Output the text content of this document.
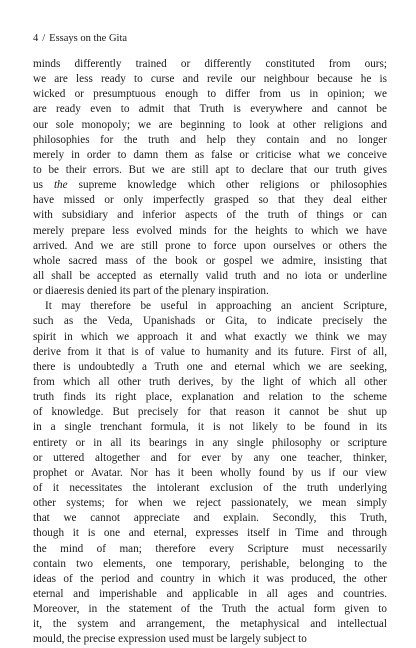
4 / Essays on the Gita
minds differently trained or differently constituted from ours;
we are less ready to curse and revile our neighbour because he is
wicked or presumptuous enough to differ from us in opinion; we
are ready even to admit that Truth is everywhere and cannot be
our sole monopoly; we are beginning to look at other religions and
philosophies for the truth and help they contain and no longer
merely in order to damn them as false or criticise what we conceive
to be their errors. But we are still apt to declare that our truth gives
us the supreme knowledge which other religions or philosophies
have missed or only imperfectly grasped so that they deal either
with subsidiary and inferior aspects of the truth of things or can
merely prepare less evolved minds for the heights to which we have
arrived. And we are still prone to force upon ourselves or others the
whole sacred mass of the book or gospel we admire, insisting that
all shall be accepted as eternally valid truth and no iota or underline
or diaeresis denied its part of the plenary inspiration.
It may therefore be useful in approaching an ancient Scripture,
such as the Veda, Upanishads or Gita, to indicate precisely the
spirit in which we approach it and what exactly we think we may
derive from it that is of value to humanity and its future. First of all,
there is undoubtedly a Truth one and eternal which we are seeking,
from which all other truth derives, by the light of which all other
truth finds its right place, explanation and relation to the scheme
of knowledge. But precisely for that reason it cannot be shut up
in a single trenchant formula, it is not likely to be found in its
entirety or in all its bearings in any single philosophy or scripture
or uttered altogether and for ever by any one teacher, thinker,
prophet or Avatar. Nor has it been wholly found by us if our view
of it necessitates the intolerant exclusion of the truth underlying
other systems; for when we reject passionately, we mean simply
that we cannot appreciate and explain. Secondly, this Truth,
though it is one and eternal, expresses itself in Time and through
the mind of man; therefore every Scripture must necessarily
contain two elements, one temporary, perishable, belonging to the
ideas of the period and country in which it was produced, the other
eternal and imperishable and applicable in all ages and countries.
Moreover, in the statement of the Truth the actual form given to
it, the system and arrangement, the metaphysical and intellectual
mould, the precise expression used must be largely subject to
